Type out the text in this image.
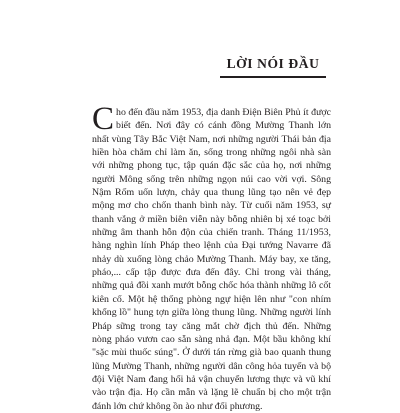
LỜI NÓI ĐẦU

Cho đến đầu năm 1953, địa danh Điện Biên Phủ ít được biết đến. Nơi đây có cánh đồng Mường Thanh lớn nhất vùng Tây Bắc Việt Nam, nơi những người Thái bản địa hiền hòa chăm chỉ làm ăn, sống trong những ngôi nhà sàn với những phong tục, tập quán đặc sắc của họ, nơi những người Mông sống trên những ngọn núi cao vời vợi. Sông Nậm Rốm uốn lượn, chảy qua thung lũng tạo nên vẻ đẹp mộng mơ cho chốn thanh bình này. Từ cuối năm 1953, sự thanh vắng ở miền biên viễn này bỗng nhiên bị xé toạc bởi những âm thanh hỗn độn của chiến tranh. Tháng 11/1953, hàng nghìn lính Pháp theo lệnh của Đại tướng Navarre đã nhảy dù xuống lòng chảo Mường Thanh. Máy bay, xe tăng, pháo,... cấp tập được đưa đến đây. Chỉ trong vài tháng, những quả đồi xanh mướt bỗng chốc hóa thành những lô cốt kiên cố. Một hệ thống phòng ngự hiện lên như "con nhím khổng lồ" hung tợn giữa lòng thung lũng. Những người lính Pháp sững trong tay căng mắt chờ địch thủ đến. Những nòng pháo vươn cao sẵn sàng nhả đạn. Một bầu không khí "sặc mùi thuốc súng". Ở dưới tán rừng già bao quanh thung lũng Mường Thanh, những người dân công hỏa tuyến và bộ đội Việt Nam đang hối hả vận chuyển lương thực và vũ khí vào trận địa. Họ cần mẫn và lặng lẽ chuẩn bị cho một trận đánh lớn chứ không ồn ào như đối phương.
